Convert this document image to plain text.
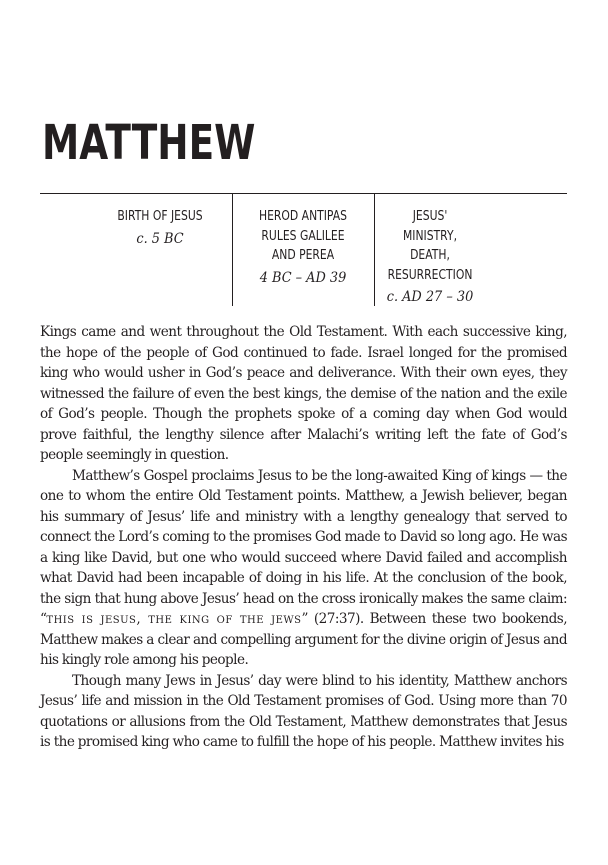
MATTHEW
BIRTH OF JESUS
c. 5 BC
HEROD ANTIPAS
RULES GALILEE
AND PEREA
4 BC – AD 39
JESUS' MINISTRY,
DEATH,
RESURRECTION
c. AD 27 – 30

Kings came and went throughout the Old Testament. With each successive king, the hope of the people of God continued to fade. Israel longed for the promised king who would usher in God’s peace and deliverance. With their own eyes, they witnessed the failure of even the best kings, the demise of the nation and the exile of God’s people. Though the prophets spoke of a coming day when God would prove faithful, the lengthy silence after Malachi’s writing left the fate of God’s people seemingly in question.

Matthew’s Gospel proclaims Jesus to be the long-awaited King of kings — the one to whom the entire Old Testament points. Matthew, a Jewish believer, began his summary of Jesus’ life and ministry with a lengthy genealogy that served to connect the Lord’s coming to the promises God made to David so long ago. He was a king like David, but one who would succeed where David failed and accomplish what David had been incapable of doing in his life. At the conclusion of the book, the sign that hung above Jesus’ head on the cross ironically makes the same claim: “this is jesus, the king of the jews” (27:37). Between these two bookends, Matthew makes a clear and compelling argument for the divine origin of Jesus and his kingly role among his people.

Though many Jews in Jesus’ day were blind to his identity, Matthew anchors Jesus’ life and mission in the Old Testament promises of God. Using more than 70 quotations or allusions from the Old Testament, Matthew demonstrates that Jesus is the promised king who came to fulfill the hope of his people. Matthew invites his
